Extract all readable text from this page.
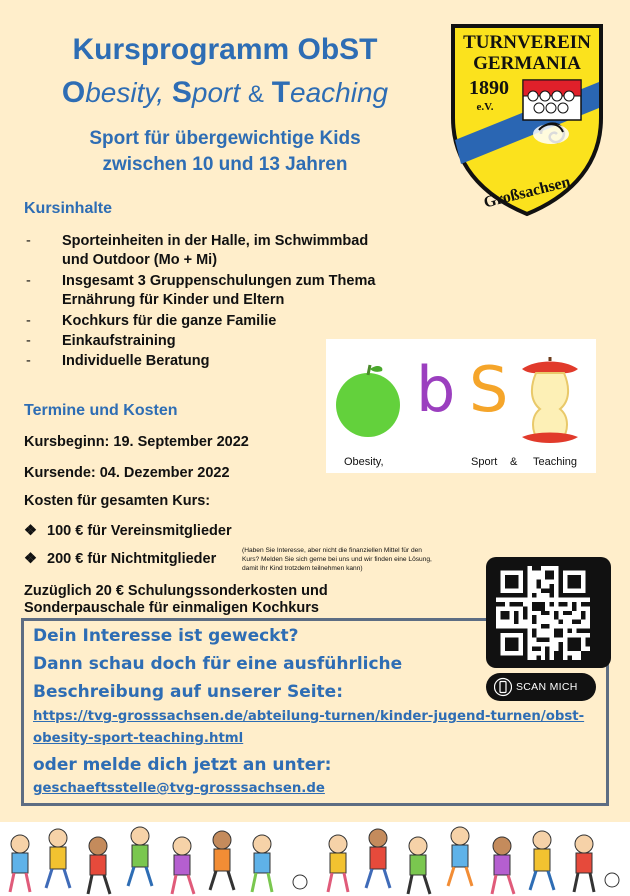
Kursprogramm ObST
Obesity, Sport & Teaching
Sport für übergewichtige Kids
zwischen 10 und 13 Jahren
TURNVEREIN
GERMANIA
1890
e.V.
Großsachsen
Kursinhalte
- Sporteinheiten in der Halle, im Schwimmbad
und Outdoor (Mo + Mi)
- Insgesamt 3 Gruppenschulungen zum Thema
Ernährung für Kinder und Eltern
- Kochkurs für die ganze Familie
- Einkaufstraining
- Individuelle Beratung	b S
Obesity,	Sport & Teaching
Termine und Kosten
Kursbeginn: 19. September 2022
Kursende: 04. Dezember 2022
Kosten für gesamten Kurs:
❖ 100 € für Vereinsmitglieder
❖ 200 € für Nichtmitglieder
(Haben Sie Interesse, aber nicht die finanziellen Mittel für den
Kurs? Melden Sie sich gerne bei uns und wir finden eine Lösung,
damit Ihr Kind trotzdem teilnehmen kann)
Zuzüglich 20 € Schulungssonderkosten und
Sonderpauschale für einmaligen Kochkurs
Dein Interesse ist geweckt?
Dann schau doch für eine ausführliche
Beschreibung auf unserer Seite:
https://tvg-grosssachsen.de/abteilung-turnen/kinder-jugend-turnen/obst-
obesity-sport-teaching.html
oder melde dich jetzt an unter:
geschaeftsstelle@tvg-grosssachsen.de
SCAN MICH
